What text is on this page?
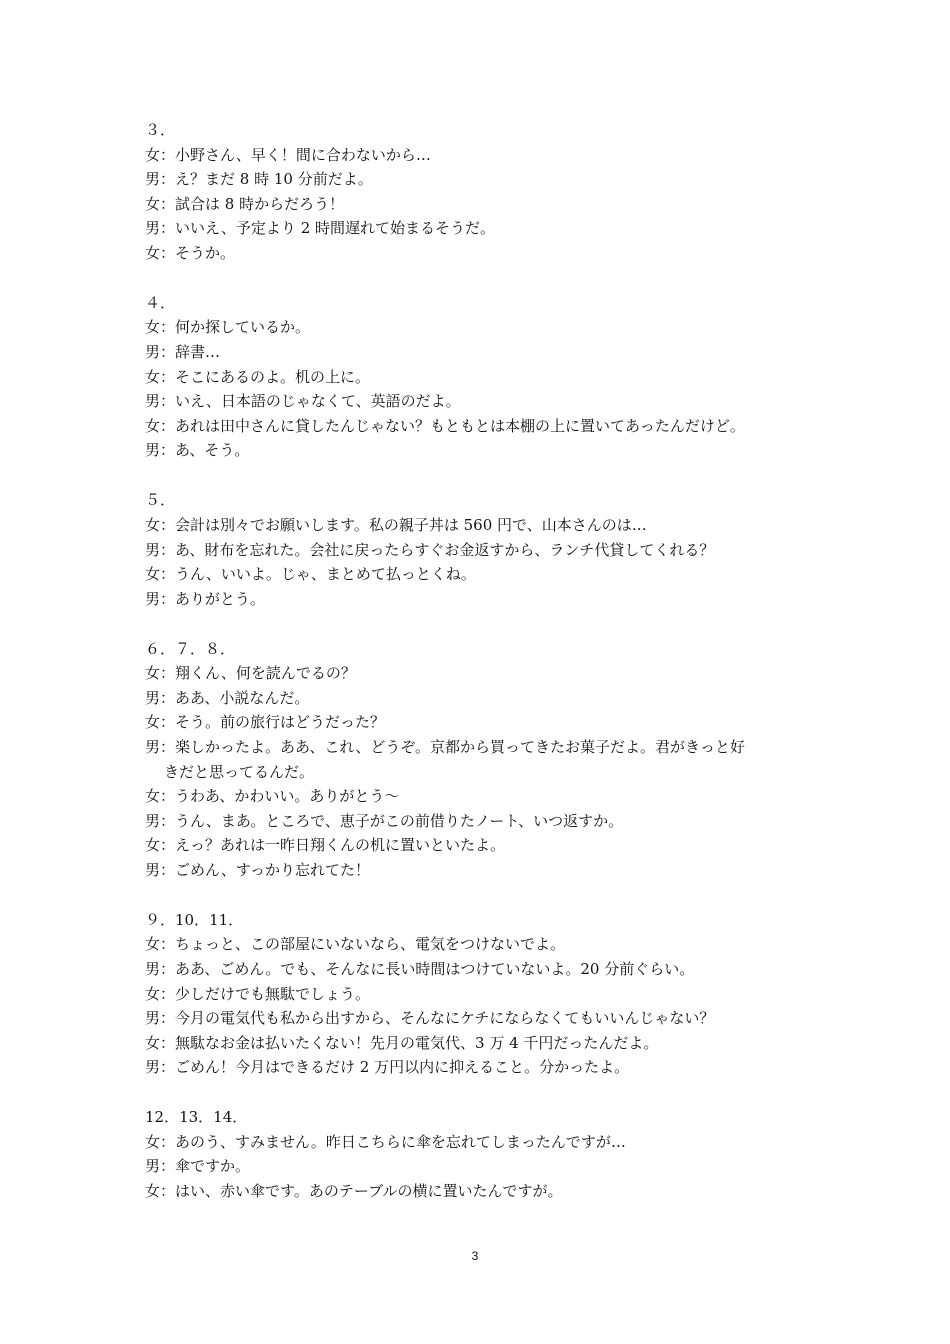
３．
女：小野さん、早く！間に合わないから…
男：え？まだ 8 時 10 分前だよ。
女：試合は 8 時からだろう！
男：いいえ、予定より 2 時間遅れて始まるそうだ。
女：そうか。
４．
女：何か探しているか。
男：辞書…
女：そこにあるのよ。机の上に。
男：いえ、日本語のじゃなくて、英語のだよ。
女：あれは田中さんに貸したんじゃない？もともとは本棚の上に置いてあったんだけど。
男：あ、そう。
５．
女：会計は別々でお願いします。私の親子丼は 560 円で、山本さんのは…
男：あ、財布を忘れた。会社に戻ったらすぐお金返すから、ランチ代貸してくれる？
女：うん、いいよ。じゃ、まとめて払っとくね。
男：ありがとう。
６．７．８．
女：翔くん、何を読んでるの？
男：ああ、小説なんだ。
女：そう。前の旅行はどうだった？
男：楽しかったよ。ああ、これ、どうぞ。京都から買ってきたお菓子だよ。君がきっと好
きだと思ってるんだ。
女：うわあ、かわいい。ありがとう～
男：うん、まあ。ところで、恵子がこの前借りたノート、いつ返すか。
女：えっ？あれは一昨日翔くんの机に置いといたよ。
男：ごめん、すっかり忘れてた！
９．10．11．
女：ちょっと、この部屋にいないなら、電気をつけないでよ。
男：ああ、ごめん。でも、そんなに長い時間はつけていないよ。20 分前ぐらい。
女：少しだけでも無駄でしょう。
男：今月の電気代も私から出すから、そんなにケチにならなくてもいいんじゃない？
女：無駄なお金は払いたくない！先月の電気代、3 万 4 千円だったんだよ。
男：ごめん！今月はできるだけ 2 万円以内に抑えること。分かったよ。
12．13．14．
女：あのう、すみません。昨日こちらに傘を忘れてしまったんですが…
男：傘ですか。
女：はい、赤い傘です。あのテーブルの横に置いたんですが。
3
